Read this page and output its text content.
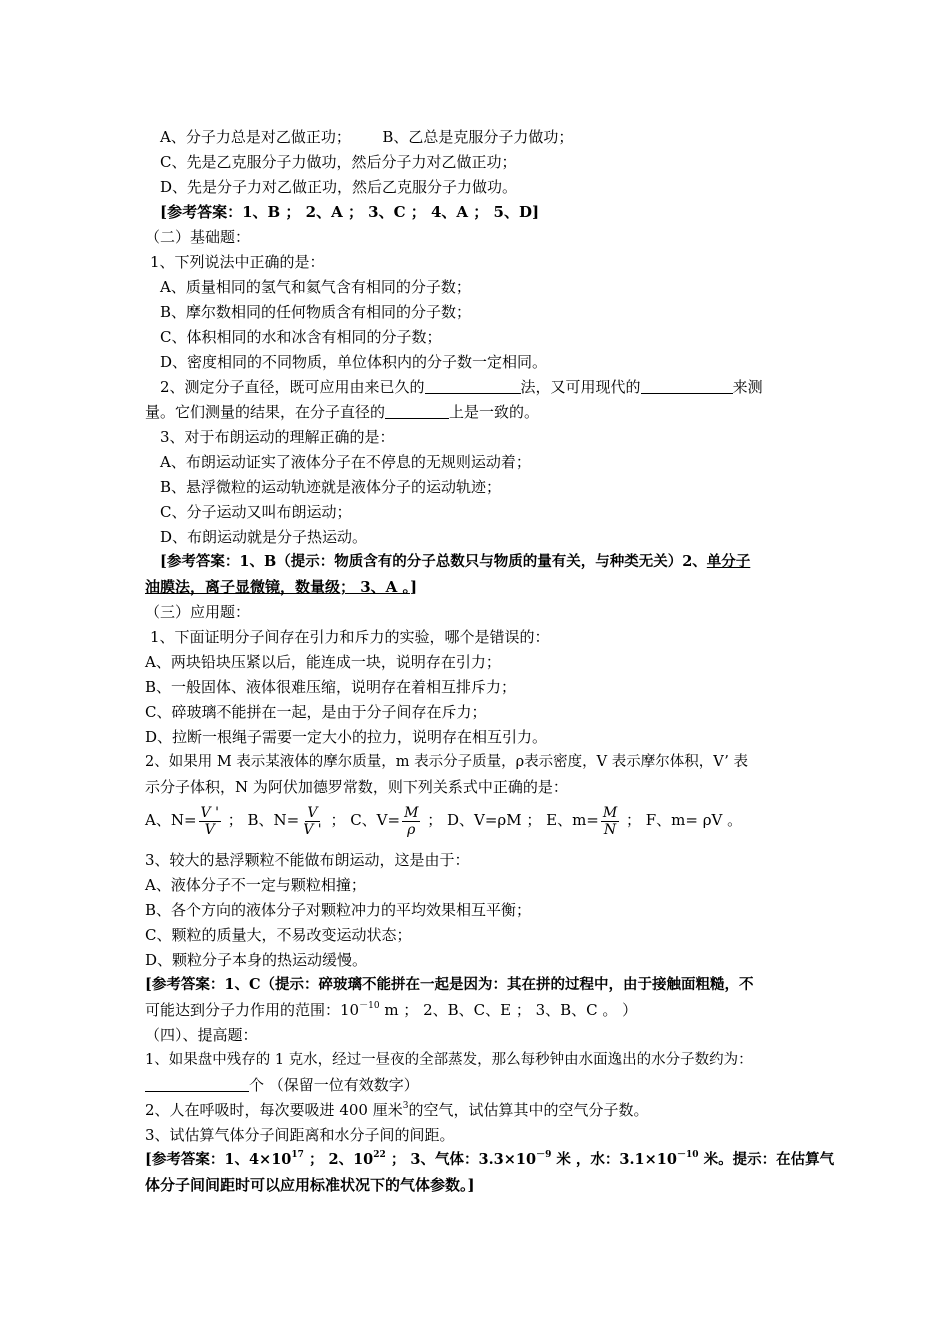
A、分子力总是对乙做正功； B、乙总是克服分子力做功；
C、先是乙克服分子力做功，然后分子力对乙做正功；
D、先是分子力对乙做正功，然后乙克服分子力做功。
[参考答案：1、B ； 2、A ； 3、C ； 4、A ； 5、D]
（二）基础题：
1、下列说法中正确的是：
A、质量相同的氢气和氦气含有相同的分子数；
B、摩尔数相同的任何物质含有相同的分子数；
C、体积相同的水和冰含有相同的分子数；
D、密度相同的不同物质，单位体积内的分子数一定相同。
2、测定分子直径，既可应用由来已久的	法，又可用现代的	来测
量。它们测量的结果，在分子直径的	上是一致的。
3、对于布朗运动的理解正确的是：
A、布朗运动证实了液体分子在不停息的无规则运动着；
B、悬浮微粒的运动轨迹就是液体分子的运动轨迹；
C、分子运动又叫布朗运动；
D、布朗运动就是分子热运动。
[参考答案：1、B（提示：物质含有的分子总数只与物质的量有关，与种类无关）2、单分子
油膜法，离子显微镜，数量级； 3、A 。]
（三）应用题：
1、下面证明分子间存在引力和斥力的实验，哪个是错误的：
A、两块铅块压紧以后，能连成一块，说明存在引力；
B、一般固体、液体很难压缩，说明存在着相互排斥力；
C、碎玻璃不能拼在一起，是由于分子间存在斥力；
D、拉断一根绳子需要一定大小的拉力，说明存在相互引力。
2、如果用 M 表示某液体的摩尔质量，m 表示分子质量，ρ表示密度，V 表示摩尔体积，V’ 表
示分子体积，N 为阿伏加德罗常数，则下列关系式中正确的是：
A、$N= \frac{V '}{V}$ ； B、$N= \frac{V}{V '}$ ； C、$V= \frac{M}{\rho}$ ； D、V=ρM ； E、$m= \frac{M}{N}$ ； F、m= ρV 。
3、较大的悬浮颗粒不能做布朗运动，这是由于：
A、液体分子不一定与颗粒相撞；
B、各个方向的液体分子对颗粒冲力的平均效果相互平衡；
C、颗粒的质量大，不易改变运动状态；
D、颗粒分子本身的热运动缓慢。
[参考答案：1、C（提示：碎玻璃不能拼在一起是因为：其在拼的过程中，由于接触面粗糙，不
可能达到分子力作用的范围：$10^{-10}$ m ； 2、B、C、E ； 3、B、C 。 ）
（四）、提高题：
1、如果盘中残存的 1 克水，经过一昼夜的全部蒸发，那么每秒钟由水面逸出的水分子数约为：
个 （保留一位有效数字）
2、人在呼吸时，每次要吸进 400 厘米$^3$的空气，试估算其中的空气分子数。
3、试估算气体分子间距离和水分子间的间距。
[参考答案：1、$4\times 10^{17}$ ； 2、$10^{22}$ ； 3、气体：$3.3\times 10^{-9}$ 米 ，水：$3.1\times 10^{-10}$ 米。提示：在估算气
体分子间间距时可以应用标准状况下的气体参数。]
